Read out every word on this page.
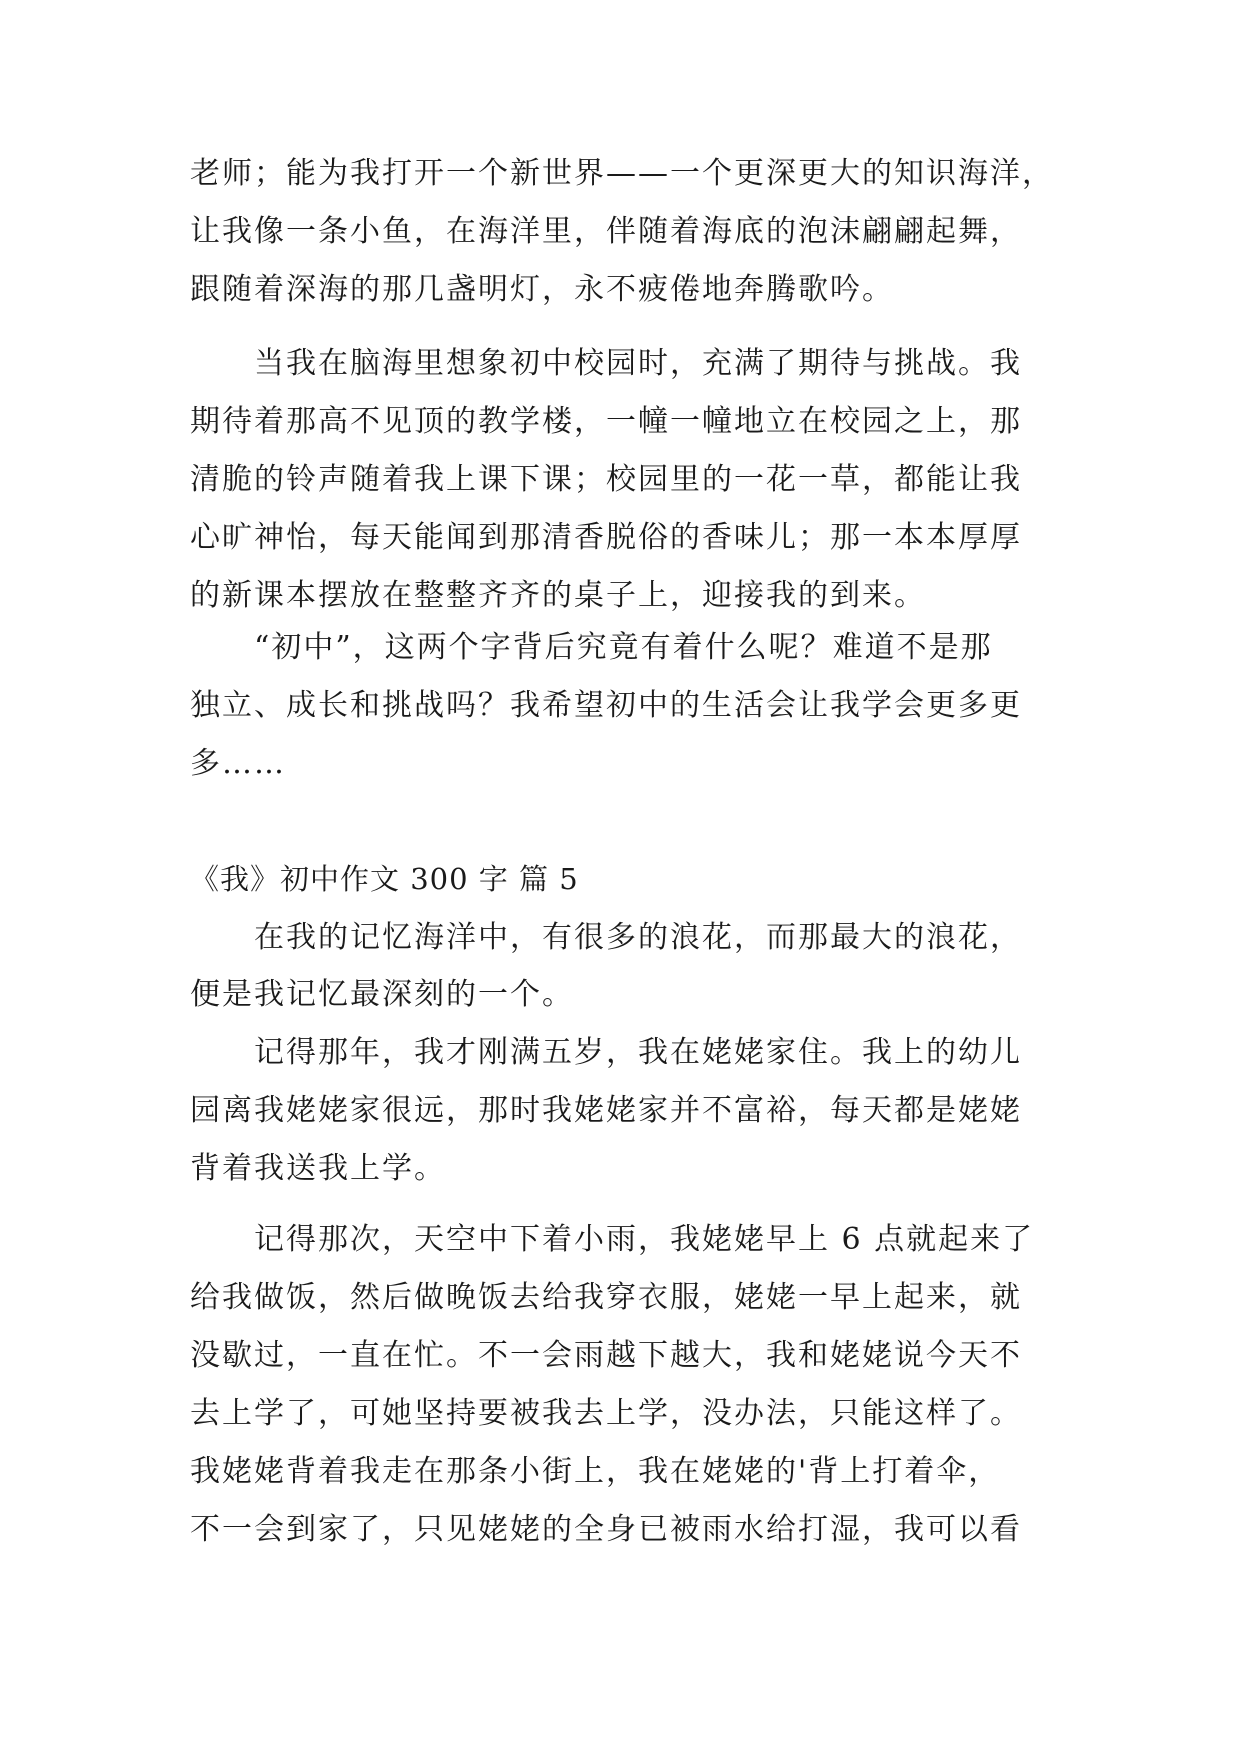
老师；能为我打开一个新世界——一个更深更大的知识海洋，

让我像一条小鱼，在海洋里，伴随着海底的泡沫翩翩起舞，

跟随着深海的那几盏明灯，永不疲倦地奔腾歌吟。

　　当我在脑海里想象初中校园时，充满了期待与挑战。我

期待着那高不见顶的教学楼，一幢一幢地立在校园之上，那

清脆的铃声随着我上课下课；校园里的一花一草，都能让我

心旷神怡，每天能闻到那清香脱俗的香味儿；那一本本厚厚

的新课本摆放在整整齐齐的桌子上，迎接我的到来。

　　“初中”，这两个字背后究竟有着什么呢？难道不是那

独立、成长和挑战吗？我希望初中的生活会让我学会更多更

多……

《我》初中作文 300 字 篇 5

　　在我的记忆海洋中，有很多的浪花，而那最大的浪花，

便是我记忆最深刻的一个。

　　记得那年，我才刚满五岁，我在姥姥家住。我上的幼儿

园离我姥姥家很远，那时我姥姥家并不富裕，每天都是姥姥

背着我送我上学。

　　记得那次，天空中下着小雨，我姥姥早上 6 点就起来了

给我做饭，然后做晚饭去给我穿衣服，姥姥一早上起来，就

没歇过，一直在忙。不一会雨越下越大，我和姥姥说今天不

去上学了，可她坚持要被我去上学，没办法，只能这样了。

我姥姥背着我走在那条小街上，我在姥姥的'背上打着伞，

不一会到家了，只见姥姥的全身已被雨水给打湿，我可以看
